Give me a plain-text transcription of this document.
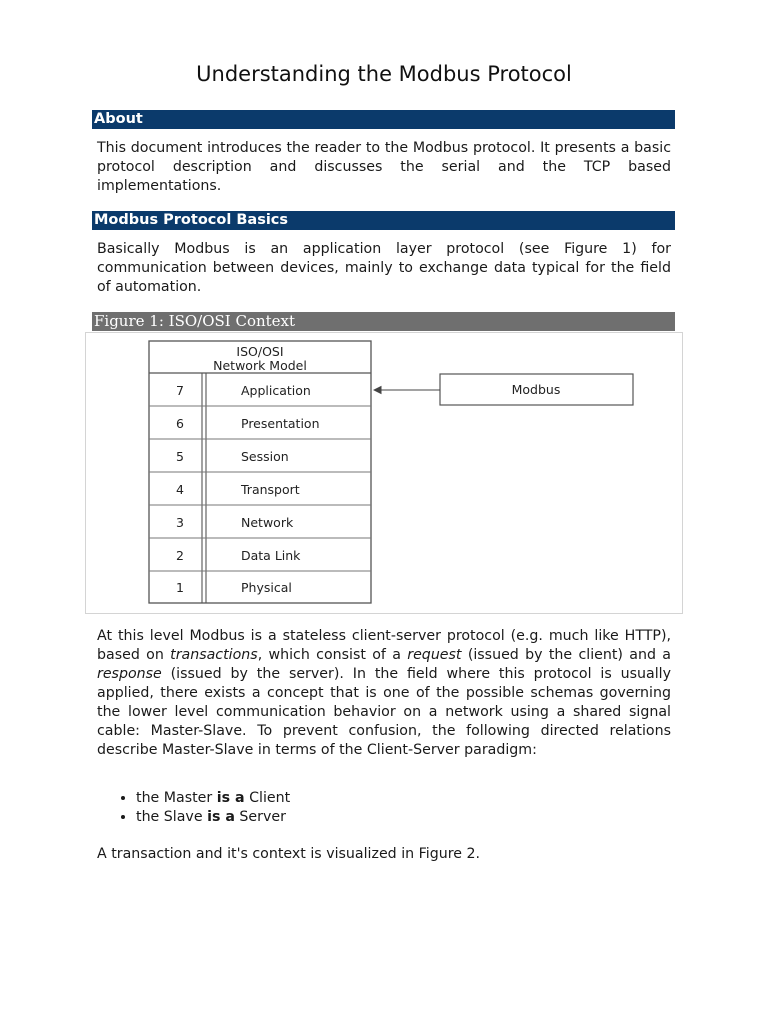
Understanding the Modbus Protocol
About

This document introduces the reader to the Modbus protocol. It presents a basic protocol description and discusses the serial and the TCP based implementations.

Modbus Protocol Basics

Basically Modbus is an application layer protocol (see Figure 1) for communication between devices, mainly to exchange data typical for the field of automation.

Figure 1: ISO/OSI Context
ISO/OSI
Network Model
7	Application
6	Presentation
5	Session
4	Transport
3	Network
2	Data Link
1	Physical
Modbus

At this level Modbus is a stateless client-server protocol (e.g. much like HTTP), based on transactions, which consist of a request (issued by the client) and a response (issued by the server). In the field where this protocol is usually applied, there exists a concept that is one of the possible schemas governing the lower level communication behavior on a network using a shared signal cable: Master-Slave. To prevent confusion, the following directed relations describe Master-Slave in terms of the Client-Server paradigm:

• the Master is a Client
• the Slave is a Server

A transaction and it's context is visualized in Figure 2.
